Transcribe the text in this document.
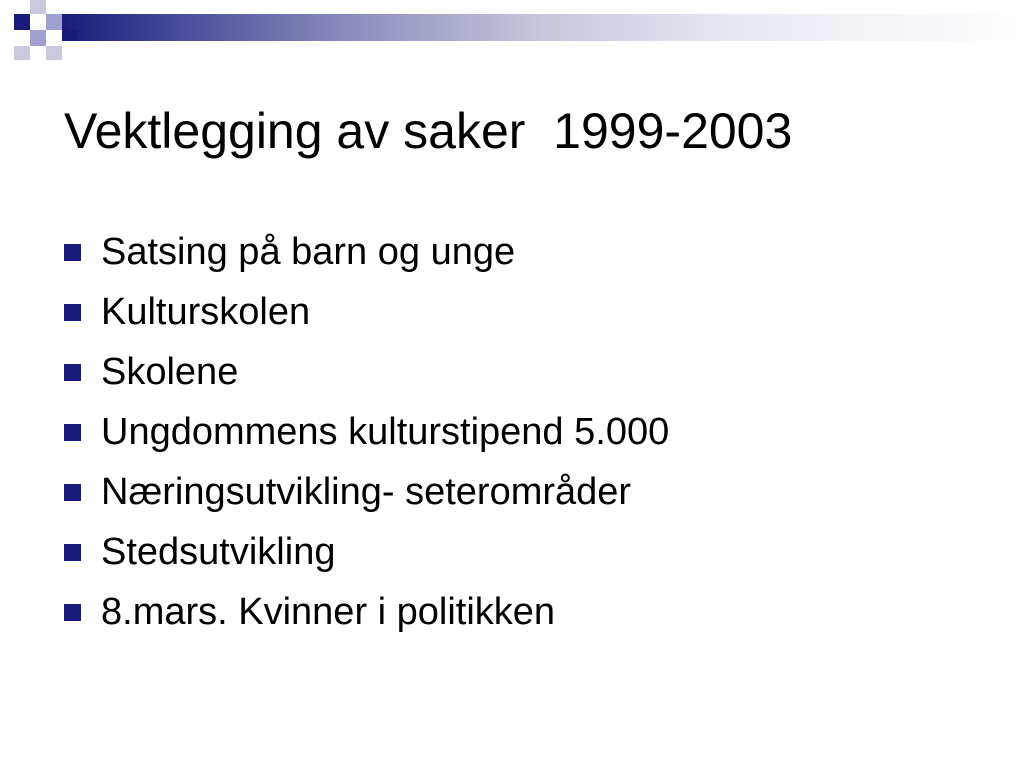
Vektlegging av saker  1999-2003
Satsing på barn og unge
Kulturskolen
Skolene
Ungdommens kulturstipend 5.000
Næringsutvikling- seterområder
Stedsutvikling
8.mars. Kvinner i politikken
